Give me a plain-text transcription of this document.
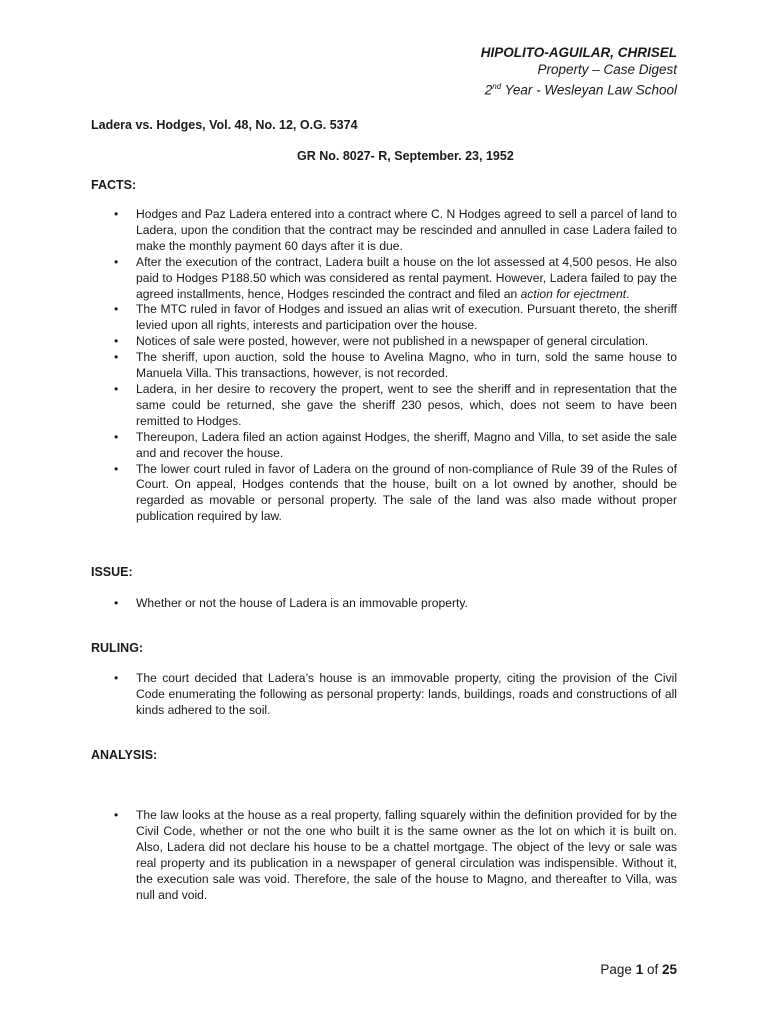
HIPOLITO-AGUILAR, CHRISEL
Property – Case Digest
2nd Year - Wesleyan Law School
Ladera vs. Hodges, Vol. 48, No. 12, O.G. 5374
GR No. 8027- R, September. 23, 1952
FACTS:
• Hodges and Paz Ladera entered into a contract where C. N Hodges agreed to sell a parcel of land to Ladera, upon the condition that the contract may be rescinded and annulled in case Ladera failed to make the monthly payment 60 days after it is due.
• After the execution of the contract, Ladera built a house on the lot assessed at 4,500 pesos. He also paid to Hodges P188.50 which was considered as rental payment. However, Ladera failed to pay the agreed installments, hence, Hodges rescinded the contract and filed an action for ejectment.
• The MTC ruled in favor of Hodges and issued an alias writ of execution. Pursuant thereto, the sheriff levied upon all rights, interests and participation over the house.
• Notices of sale were posted, however, were not published in a newspaper of general circulation.
• The sheriff, upon auction, sold the house to Avelina Magno, who in turn, sold the same house to Manuela Villa. This transactions, however, is not recorded.
• Ladera, in her desire to recovery the propert, went to see the sheriff and in representation that the same could be returned, she gave the sheriff 230 pesos, which, does not seem to have been remitted to Hodges.
• Thereupon, Ladera filed an action against Hodges, the sheriff, Magno and Villa, to set aside the sale and and recover the house.
• The lower court ruled in favor of Ladera on the ground of non-compliance of Rule 39 of the Rules of Court. On appeal, Hodges contends that the house, built on a lot owned by another, should be regarded as movable or personal property. The sale of the land was also made without proper publication required by law.
ISSUE:
• Whether or not the house of Ladera is an immovable property.
RULING:
• The court decided that Ladera’s house is an immovable property, citing the provision of the Civil Code enumerating the following as personal property: lands, buildings, roads and constructions of all kinds adhered to the soil.
ANALYSIS:
• The law looks at the house as a real property, falling squarely within the definition provided for by the Civil Code, whether or not the one who built it is the same owner as the lot on which it is built on. Also, Ladera did not declare his house to be a chattel mortgage. The object of the levy or sale was real property and its publication in a newspaper of general circulation was indispensible. Without it, the execution sale was void. Therefore, the sale of the house to Magno, and thereafter to Villa, was null and void.
Page 1 of 25
